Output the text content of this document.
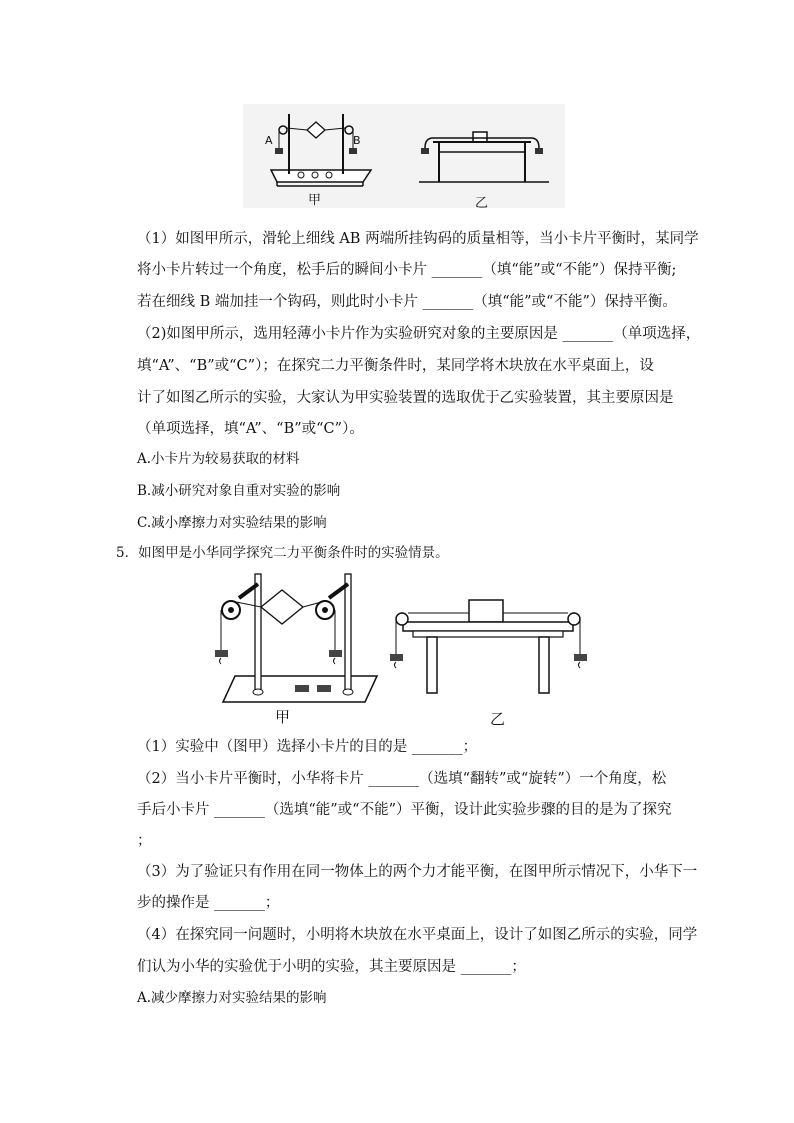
A	B
甲	乙
（1）如图甲所示，滑轮上细线 AB 两端所挂钩码的质量相等，当小卡片平衡时，某同学
将小卡片转过一个角度，松手后的瞬间小卡片 _______（填“能”或“不能”）保持平衡;
若在细线 B 端加挂一个钩码，则此时小卡片 _______（填“能”或“不能”）保持平衡。
（2)如图甲所示，选用轻薄小卡片作为实验研究对象的主要原因是 _______（单项选择，
填“A”、“B”或“C”）；在探究二力平衡条件时，某同学将木块放在水平桌面上，设
计了如图乙所示的实验，大家认为甲实验装置的选取优于乙实验装置，其主要原因是
（单项选择，填“A”、“B”或“C”）。
A.小卡片为较易获取的材料
B.减小研究对象自重对实验的影响
C.减小摩擦力对实验结果的影响
5．如图甲是小华同学探究二力平衡条件时的实验情景。
甲	乙
（1）实验中（图甲）选择小卡片的目的是 _______；
（2）当小卡片平衡时，小华将卡片 _______（选填“翻转”或“旋转”）一个角度，松
手后小卡片 _______（选填“能”或“不能”）平衡，设计此实验步骤的目的是为了探究
；
（3）为了验证只有作用在同一物体上的两个力才能平衡，在图甲所示情况下，小华下一
步的操作是 _______；
（4）在探究同一问题时，小明将木块放在水平桌面上，设计了如图乙所示的实验，同学
们认为小华的实验优于小明的实验，其主要原因是 _______；
A.减少摩擦力对实验结果的影响
